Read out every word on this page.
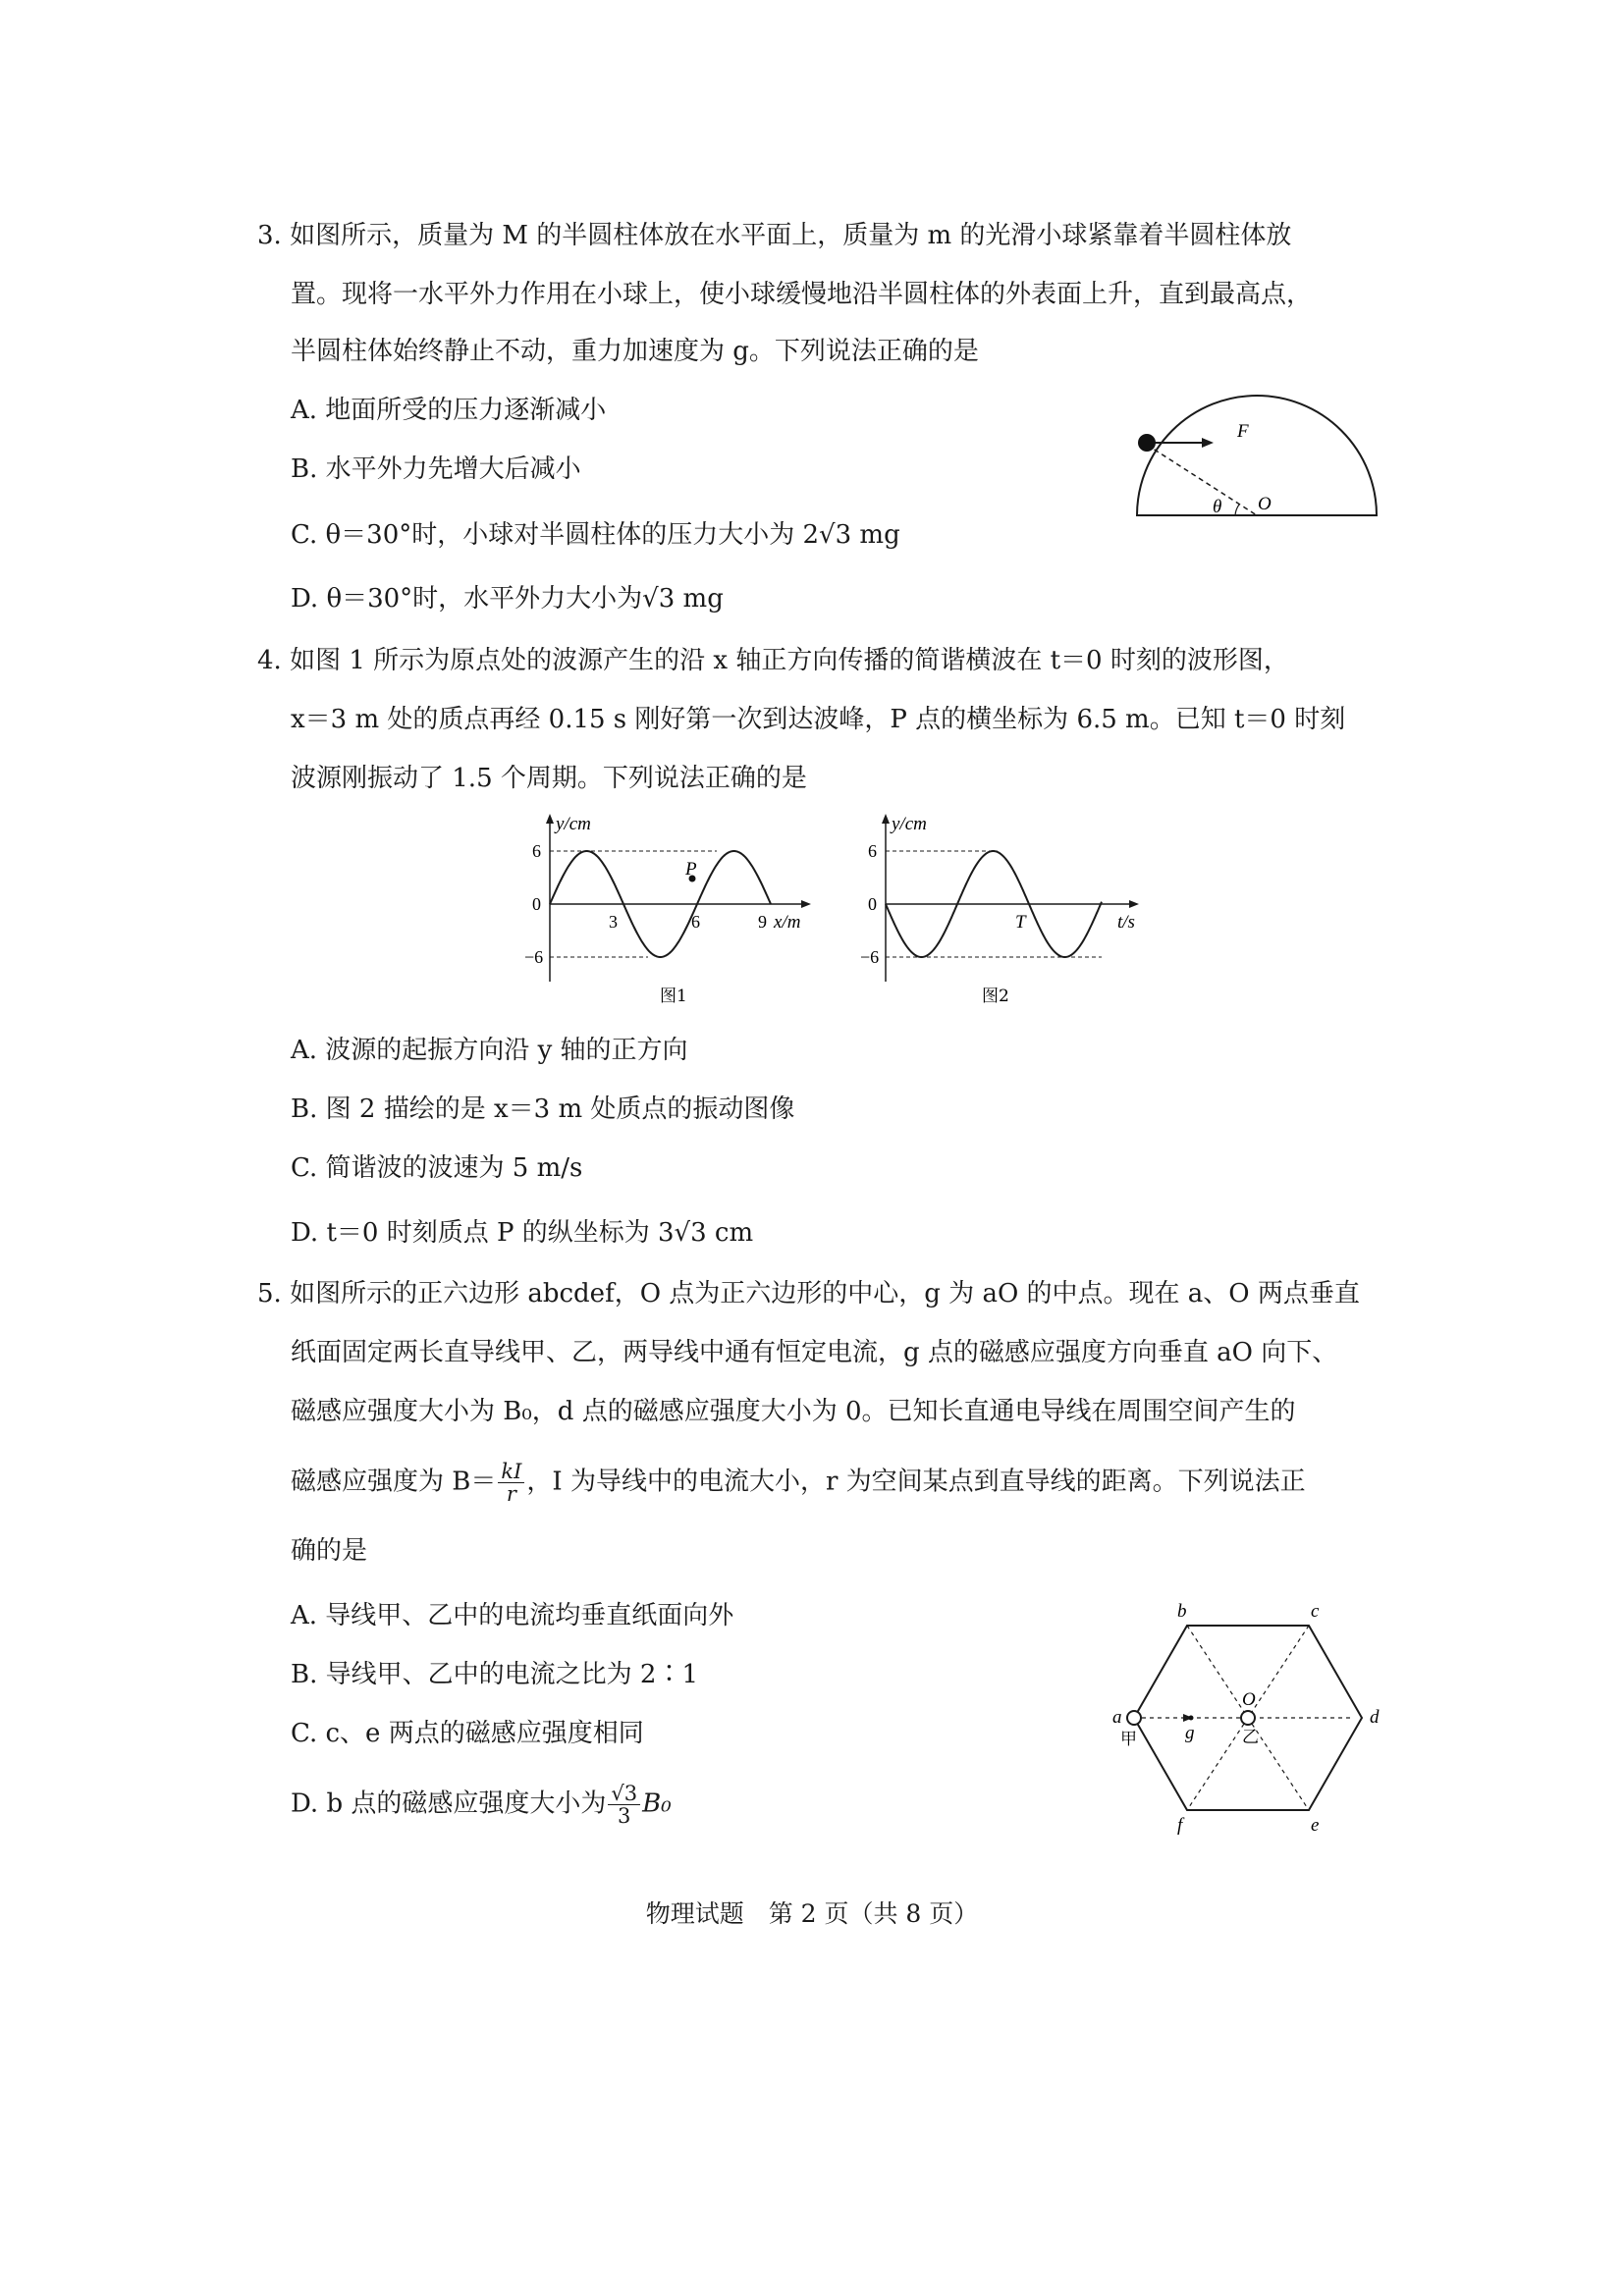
3. 如图所示，质量为 M 的半圆柱体放在水平面上，质量为 m 的光滑小球紧靠着半圆柱体放
置。现将一水平外力作用在小球上，使小球缓慢地沿半圆柱体的外表面上升，直到最高点，
半圆柱体始终静止不动，重力加速度为 g。下列说法正确的是
A. 地面所受的压力逐渐减小
B. 水平外力先增大后减小
C. θ＝30°时，小球对半圆柱体的压力大小为 2√3 mg
D. θ＝30°时，水平外力大小为√3 mg
F
θ O
4. 如图 1 所示为原点处的波源产生的沿 x 轴正方向传播的简谐横波在 t＝0 时刻的波形图，
x＝3 m 处的质点再经 0.15 s 刚好第一次到达波峰，P 点的横坐标为 6.5 m。已知 t＝0 时刻
波源刚振动了 1.5 个周期。下列说法正确的是
y/cm
6
0
−6
3	6	9 x/m
P
图1
y/cm
6
0
−6
T	t/s
图2
A. 波源的起振方向沿 y 轴的正方向
B. 图 2 描绘的是 x＝3 m 处质点的振动图像
C. 简谐波的波速为 5 m/s
D. t＝0 时刻质点 P 的纵坐标为 3√3 cm
5. 如图所示的正六边形 abcdef，O 点为正六边形的中心，g 为 aO 的中点。现在 a、O 两点垂直
纸面固定两长直导线甲、乙，两导线中通有恒定电流，g 点的磁感应强度方向垂直 aO 向下、
磁感应强度大小为 B₀，d 点的磁感应强度大小为 0。已知长直通电导线在周围空间产生的
磁感应强度为 $B= \frac{kI}{r}$ ，I 为导线中的电流大小，r 为空间某点到直导线的距离。下列说法正
确的是
A. 导线甲、乙中的电流均垂直纸面向外
B. 导线甲、乙中的电流之比为 2∶1
C. c、e 两点的磁感应强度相同
D. b 点的磁感应强度大小为 $\frac{√3}{3} B_0$
a
b	c
d
e
f
O
g
甲	乙
物理试题　第 2 页（共 8 页）
